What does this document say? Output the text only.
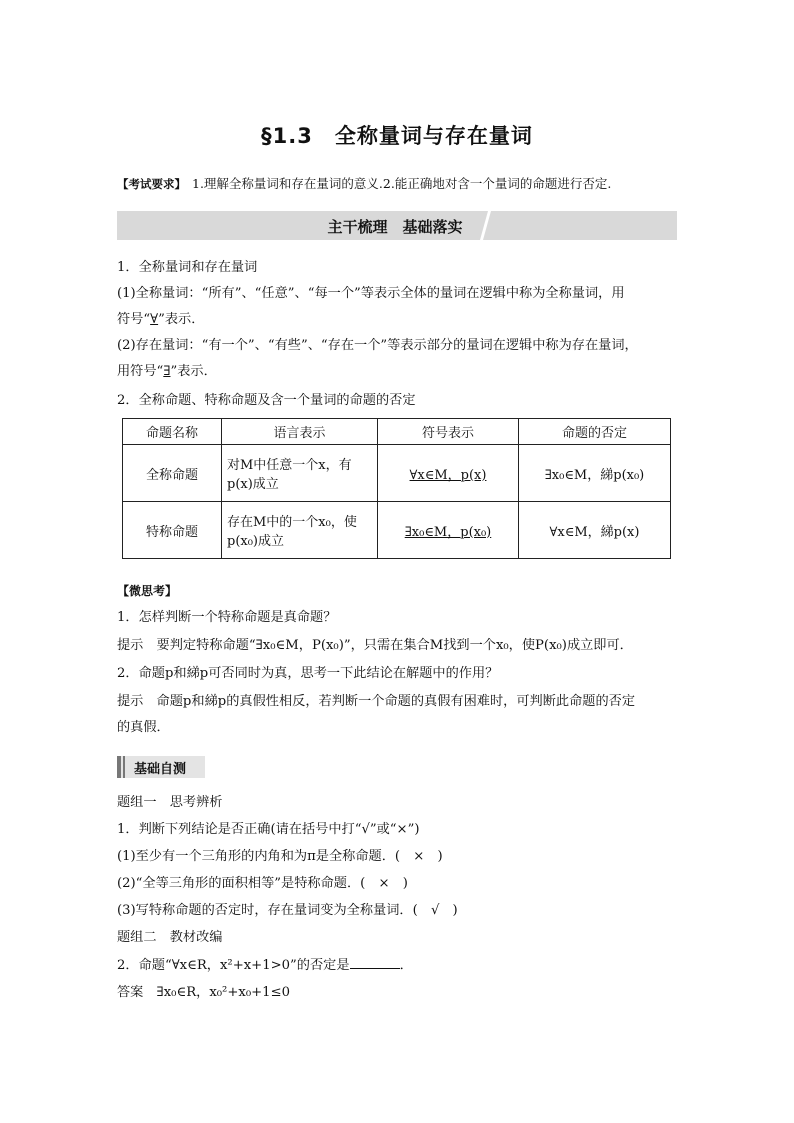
§1.3　全称量词与存在量词
【考试要求】 1.理解全称量词和存在量词的意义.2.能正确地对含一个量词的命题进行否定.
主干梳理　基础落实
1．全称量词和存在量词
(1)全称量词：“所有”、“任意”、“每一个”等表示全体的量词在逻辑中称为全称量词，用
符号“∀”表示．
(2)存在量词：“有一个”、“有些”、“存在一个”等表示部分的量词在逻辑中称为存在量词，
用符号“∃”表示．
2．全称命题、特称命题及含一个量词的命题的否定
命题名称	语言表示	符号表示	命题的否定
全称命题	对M中任意一个x，有p(x)成立	∀x∈M，p(x)	∃x₀∈M，綈p(x₀)
特称命题	存在M中的一个x₀，使p(x₀)成立	∃x₀∈M，p(x₀)	∀x∈M，綈p(x)
【微思考】
1．怎样判断一个特称命题是真命题？
提示　要判定特称命题“∃x₀∈M，P(x₀)”，只需在集合M找到一个x₀，使P(x₀)成立即可．
2．命题p和綈p可否同时为真，思考一下此结论在解题中的作用？
提示　命题p和綈p的真假性相反，若判断一个命题的真假有困难时，可判断此命题的否定
的真假．
基础自测
题组一　思考辨析
1．判断下列结论是否正确(请在括号中打“√”或“×”)
(1)至少有一个三角形的内角和为π是全称命题．(　×　)
(2)“全等三角形的面积相等”是特称命题．(　×　)
(3)写特称命题的否定时，存在量词变为全称量词．(　√　)
题组二　教材改编
2．命题“∀x∈R，x²+x+1>0”的否定是	．
答案　∃x₀∈R，x₀²+x₀+1≤0
